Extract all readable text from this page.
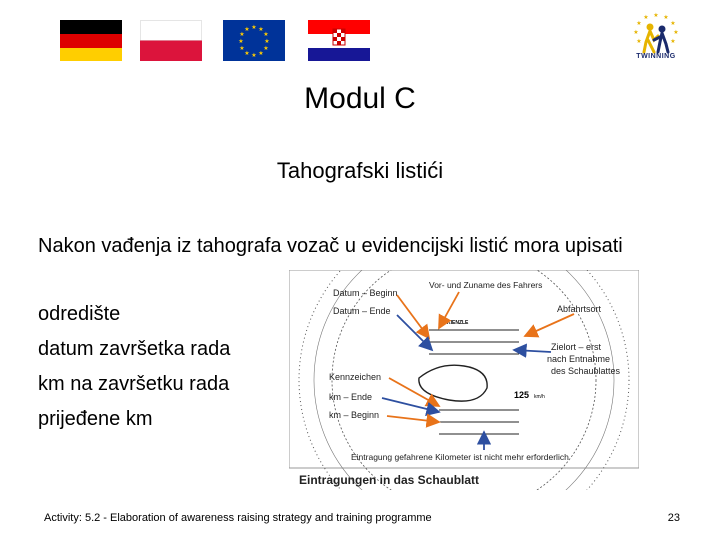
★ ★
★
★
★
★
★
★
★
★
★
★
★ ★
★
★
★
★
★
★
★
TWINNING
Modul C
Tahografski listići
Nakon vađenja iz tahografa vozač u evidencijski listić mora upisati
odredište
datum završetka rada
km na završetku rada
prijeđene km
KIENZLE
125 km/h
Vor- und Zuname des Fahrers
Datum – Beginn
Datum – Ende	Abfahrtsort
Zielort – erst
nach Entnahme
des Schaublattes
Kennzeichen
km – Ende
km – Beginn
Eintragung gefahrene Kilometer ist nicht mehr erforderlich
Eintragungen in das Schaublatt
Activity: 5.2 - Elaboration of awareness raising strategy and training programme	23
